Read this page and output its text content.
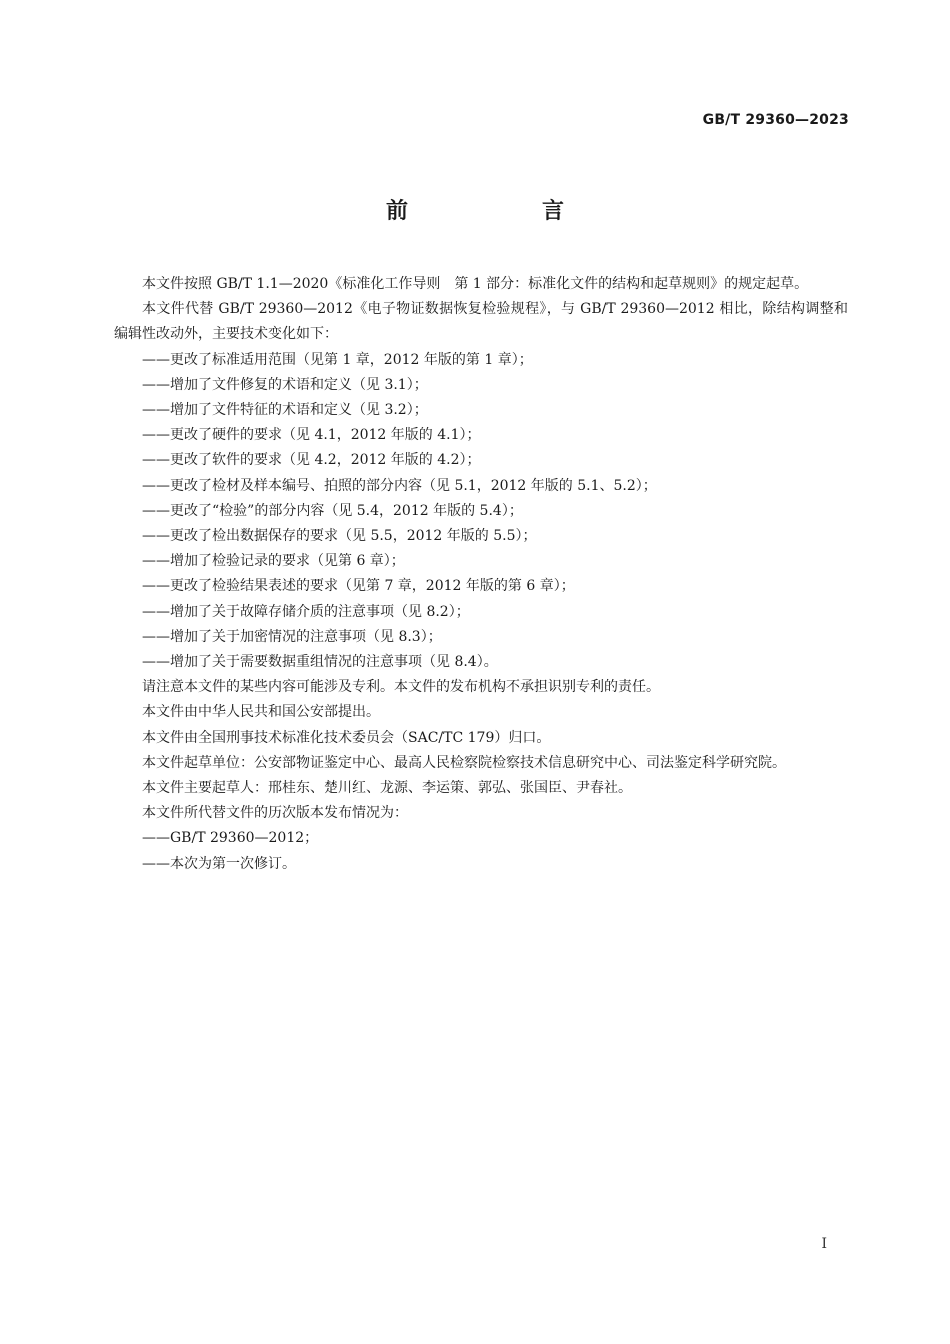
GB/T 29360—2023
前　言

本文件按照 GB/T 1.1—2020《标准化工作导则　第 1 部分：标准化文件的结构和起草规则》的规定起草。

本文件代替 GB/T 29360—2012《电子物证数据恢复检验规程》，与 GB/T 29360—2012 相比，除结构调整和编辑性改动外，主要技术变化如下：

——更改了标准适用范围（见第 1 章，2012 年版的第 1 章）；

——增加了文件修复的术语和定义（见 3.1）；

——增加了文件特征的术语和定义（见 3.2）；

——更改了硬件的要求（见 4.1，2012 年版的 4.1）；

——更改了软件的要求（见 4.2，2012 年版的 4.2）；

——更改了检材及样本编号、拍照的部分内容（见 5.1，2012 年版的 5.1、5.2）；

——更改了“检验”的部分内容（见 5.4，2012 年版的 5.4）；

——更改了检出数据保存的要求（见 5.5，2012 年版的 5.5）；

——增加了检验记录的要求（见第 6 章）；

——更改了检验结果表述的要求（见第 7 章，2012 年版的第 6 章）；

——增加了关于故障存储介质的注意事项（见 8.2）；

——增加了关于加密情况的注意事项（见 8.3）；

——增加了关于需要数据重组情况的注意事项（见 8.4）。

请注意本文件的某些内容可能涉及专利。本文件的发布机构不承担识别专利的责任。

本文件由中华人民共和国公安部提出。

本文件由全国刑事技术标准化技术委员会（SAC/TC 179）归口。

本文件起草单位：公安部物证鉴定中心、最高人民检察院检察技术信息研究中心、司法鉴定科学研究院。

本文件主要起草人：邢桂东、楚川红、龙源、李运策、郭弘、张国臣、尹春社。

本文件所代替文件的历次版本发布情况为：

——GB/T 29360—2012；

——本次为第一次修订。

I
